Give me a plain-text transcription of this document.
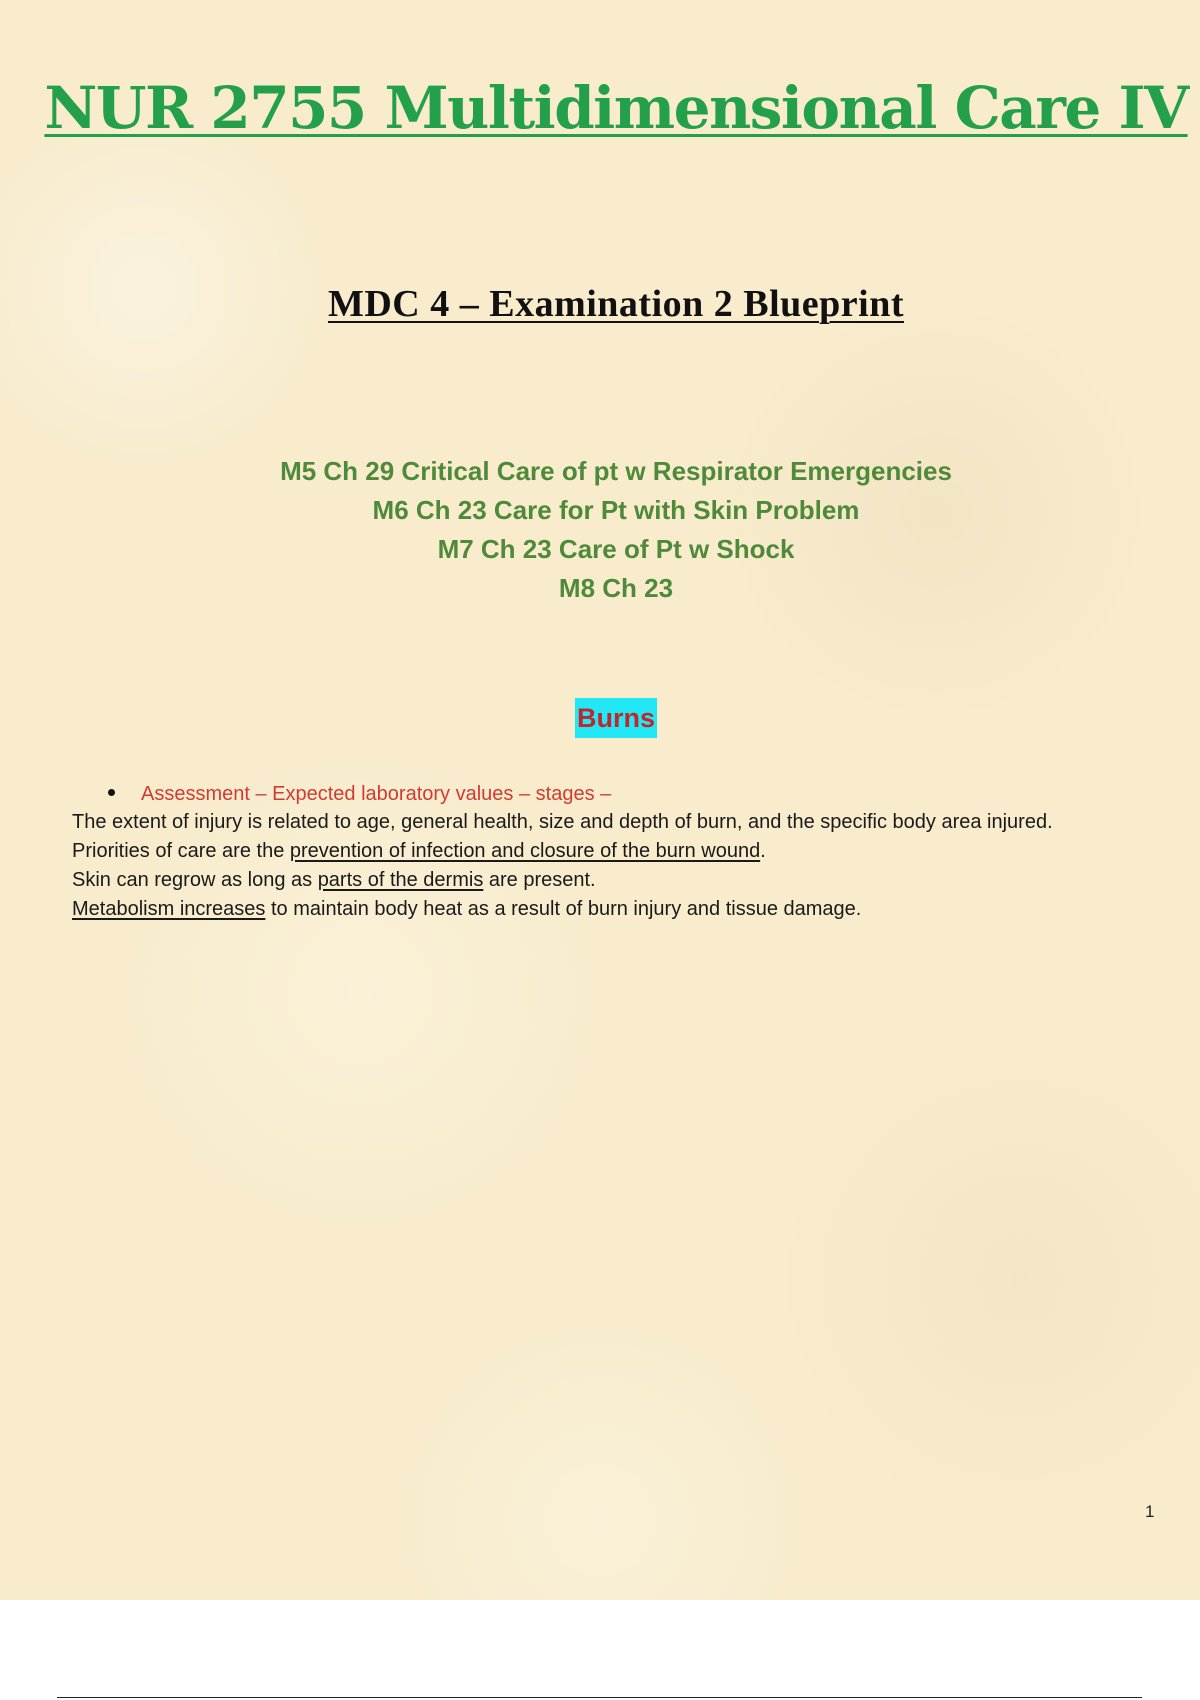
NUR 2755 Multidimensional Care IV
MDC 4 – Examination 2 Blueprint
M5 Ch 29 Critical Care of pt w Respirator Emergencies
M6 Ch 23 Care for Pt with Skin Problem
M7 Ch 23 Care of Pt w Shock
M8 Ch 23
Burns
Assessment – Expected laboratory values – stages –

The extent of injury is related to age, general health, size and depth of burn, and the specific body area injured. Priorities of care are the prevention of infection and closure of the burn wound.

Skin can regrow as long as parts of the dermis are present.

Metabolism increases to maintain body heat as a result of burn injury and tissue damage.

1
